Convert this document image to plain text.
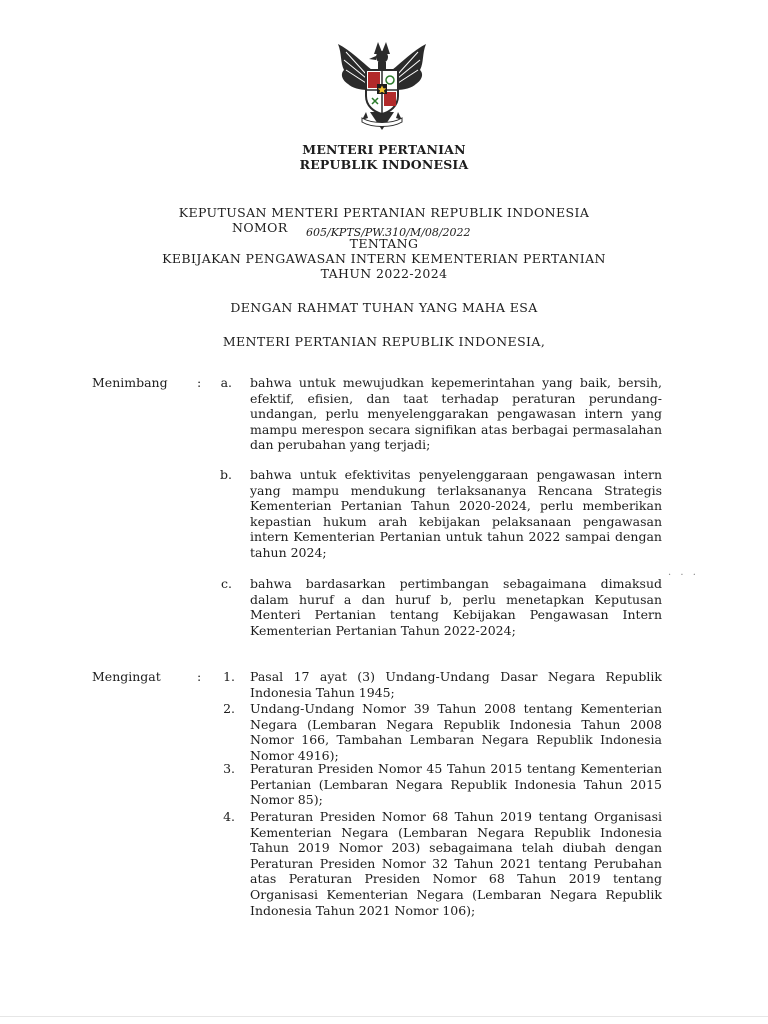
MENTERI PERTANIAN
REPUBLIK INDONESIA
KEPUTUSAN MENTERI PERTANIAN REPUBLIK INDONESIA
NOMOR 605/KPTS/PW.310/M/08/2022
TENTANG
KEBIJAKAN PENGAWASAN INTERN KEMENTERIAN PERTANIAN
TAHUN 2022-2024
DENGAN RAHMAT TUHAN YANG MAHA ESA
MENTERI PERTANIAN REPUBLIK INDONESIA,
Menimbang :	a. bahwa untuk mewujudkan kepemerintahan yang baik, bersih, efektif, efisien, dan taat terhadap peraturan perundang-undangan, perlu menyelenggarakan pengawasan intern yang mampu merespon secara signifikan atas berbagai permasalahan dan perubahan yang terjadi;
b. bahwa untuk efektivitas penyelenggaraan pengawasan intern yang mampu mendukung terlaksananya Rencana Strategis Kementerian Pertanian Tahun 2020-2024, perlu memberikan kepastian hukum arah kebijakan pelaksanaan pengawasan intern Kementerian Pertanian untuk tahun 2022 sampai dengan tahun 2024;
c. bahwa bardasarkan pertimbangan sebagaimana dimaksud dalam huruf a dan huruf b, perlu menetapkan Keputusan Menteri Pertanian tentang Kebijakan Pengawasan Intern Kementerian Pertanian Tahun 2022-2024;
· · ·
Mengingat	:	1. Pasal 17 ayat (3) Undang-Undang Dasar Negara Republik Indonesia Tahun 1945;
2. Undang-Undang Nomor 39 Tahun 2008 tentang Kementerian Negara (Lembaran Negara Republik Indonesia Tahun 2008 Nomor 166, Tambahan Lembaran Negara Republik Indonesia Nomor 4916);
3. Peraturan Presiden Nomor 45 Tahun 2015 tentang Kementerian Pertanian (Lembaran Negara Republik Indonesia Tahun 2015 Nomor 85);
4. Peraturan Presiden Nomor 68 Tahun 2019 tentang Organisasi Kementerian Negara (Lembaran Negara Republik Indonesia Tahun 2019 Nomor 203) sebagaimana telah diubah dengan Peraturan Presiden Nomor 32 Tahun 2021 tentang Perubahan atas Peraturan Presiden Nomor 68 Tahun 2019 tentang Organisasi Kementerian Negara (Lembaran Negara Republik Indonesia Tahun 2021 Nomor 106);
